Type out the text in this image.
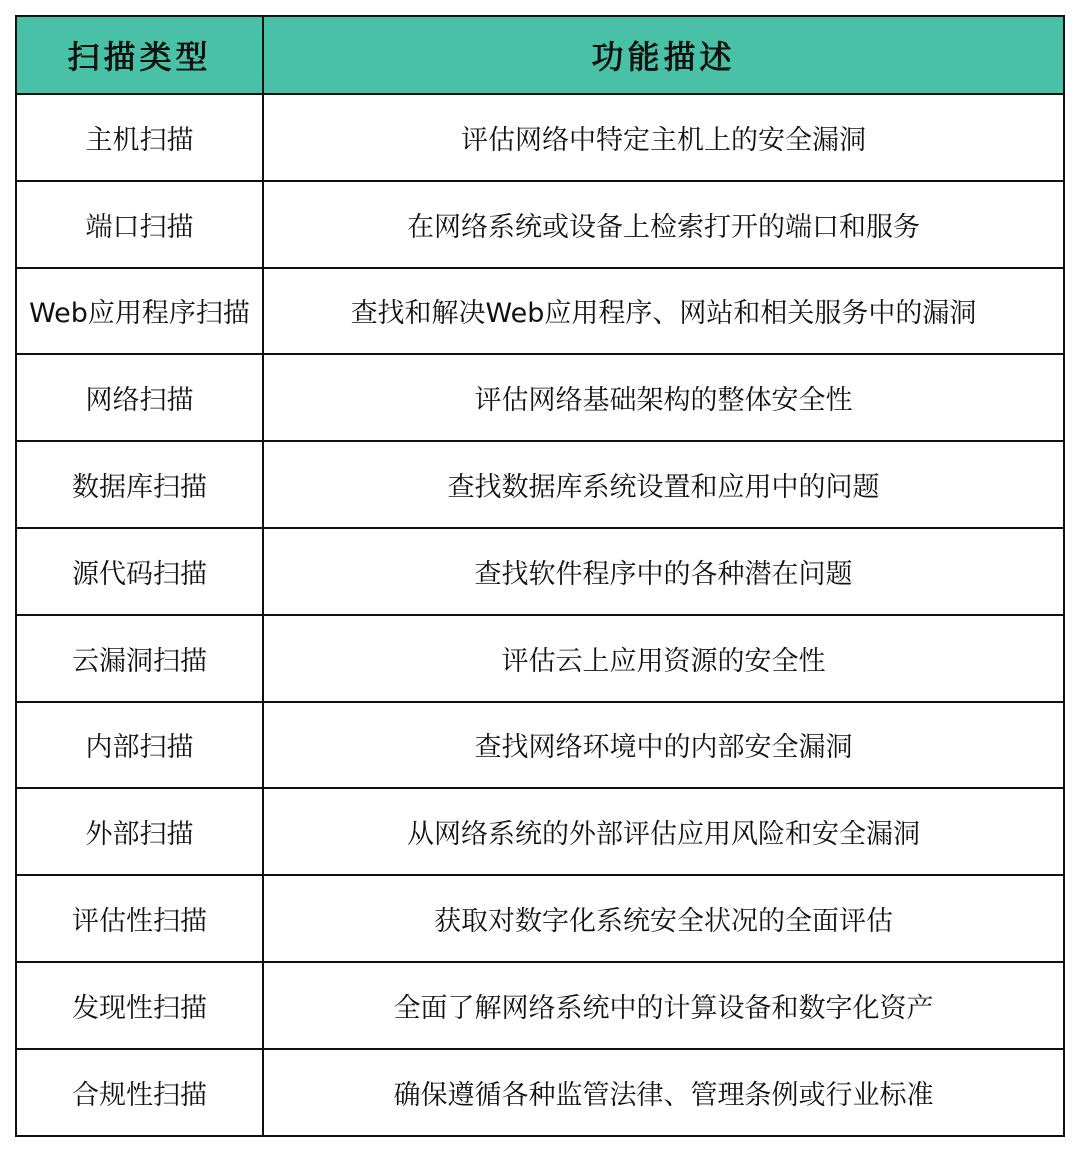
扫描类型	功能描述
主机扫描	评估网络中特定主机上的安全漏洞
端口扫描	在网络系统或设备上检索打开的端口和服务
Web应用程序扫描	查找和解决Web应用程序、网站和相关服务中的漏洞
网络扫描	评估网络基础架构的整体安全性
数据库扫描	查找数据库系统设置和应用中的问题
源代码扫描	查找软件程序中的各种潜在问题
云漏洞扫描	评估云上应用资源的安全性
内部扫描	查找网络环境中的内部安全漏洞
外部扫描	从网络系统的外部评估应用风险和安全漏洞
评估性扫描	获取对数字化系统安全状况的全面评估
发现性扫描	全面了解网络系统中的计算设备和数字化资产
合规性扫描	确保遵循各种监管法律、管理条例或行业标准
